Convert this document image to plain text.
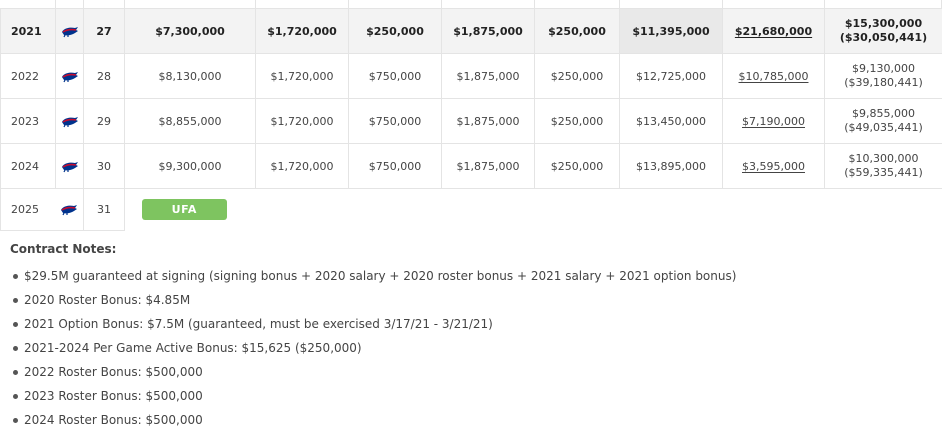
2021		27	$7,300,000	$1,720,000	$250,000	$1,875,000	$250,000	$11,395,000	$21,680,000	$15,300,000
($30,050,441)

2022		28	$8,130,000	$1,720,000	$750,000	$1,875,000	$250,000	$12,725,000	$10,785,000	$9,130,000
($39,180,441)

2023		29	$8,855,000	$1,720,000	$750,000	$1,875,000	$250,000	$13,450,000	$7,190,000	$9,855,000
($49,035,441)

2024		30	$9,300,000	$1,720,000	$750,000	$1,875,000	$250,000	$13,895,000	$3,595,000	$10,300,000
($59,335,441)

2025		31	UFA							
Contract Notes:
$29.5M guaranteed at signing (signing bonus + 2020 salary + 2020 roster bonus + 2021 salary + 2021 option bonus)
2020 Roster Bonus: $4.85M
2021 Option Bonus: $7.5M (guaranteed, must be exercised 3/17/21 - 3/21/21)
2021-2024 Per Game Active Bonus: $15,625 ($250,000)
2022 Roster Bonus: $500,000
2023 Roster Bonus: $500,000
2024 Roster Bonus: $500,000
